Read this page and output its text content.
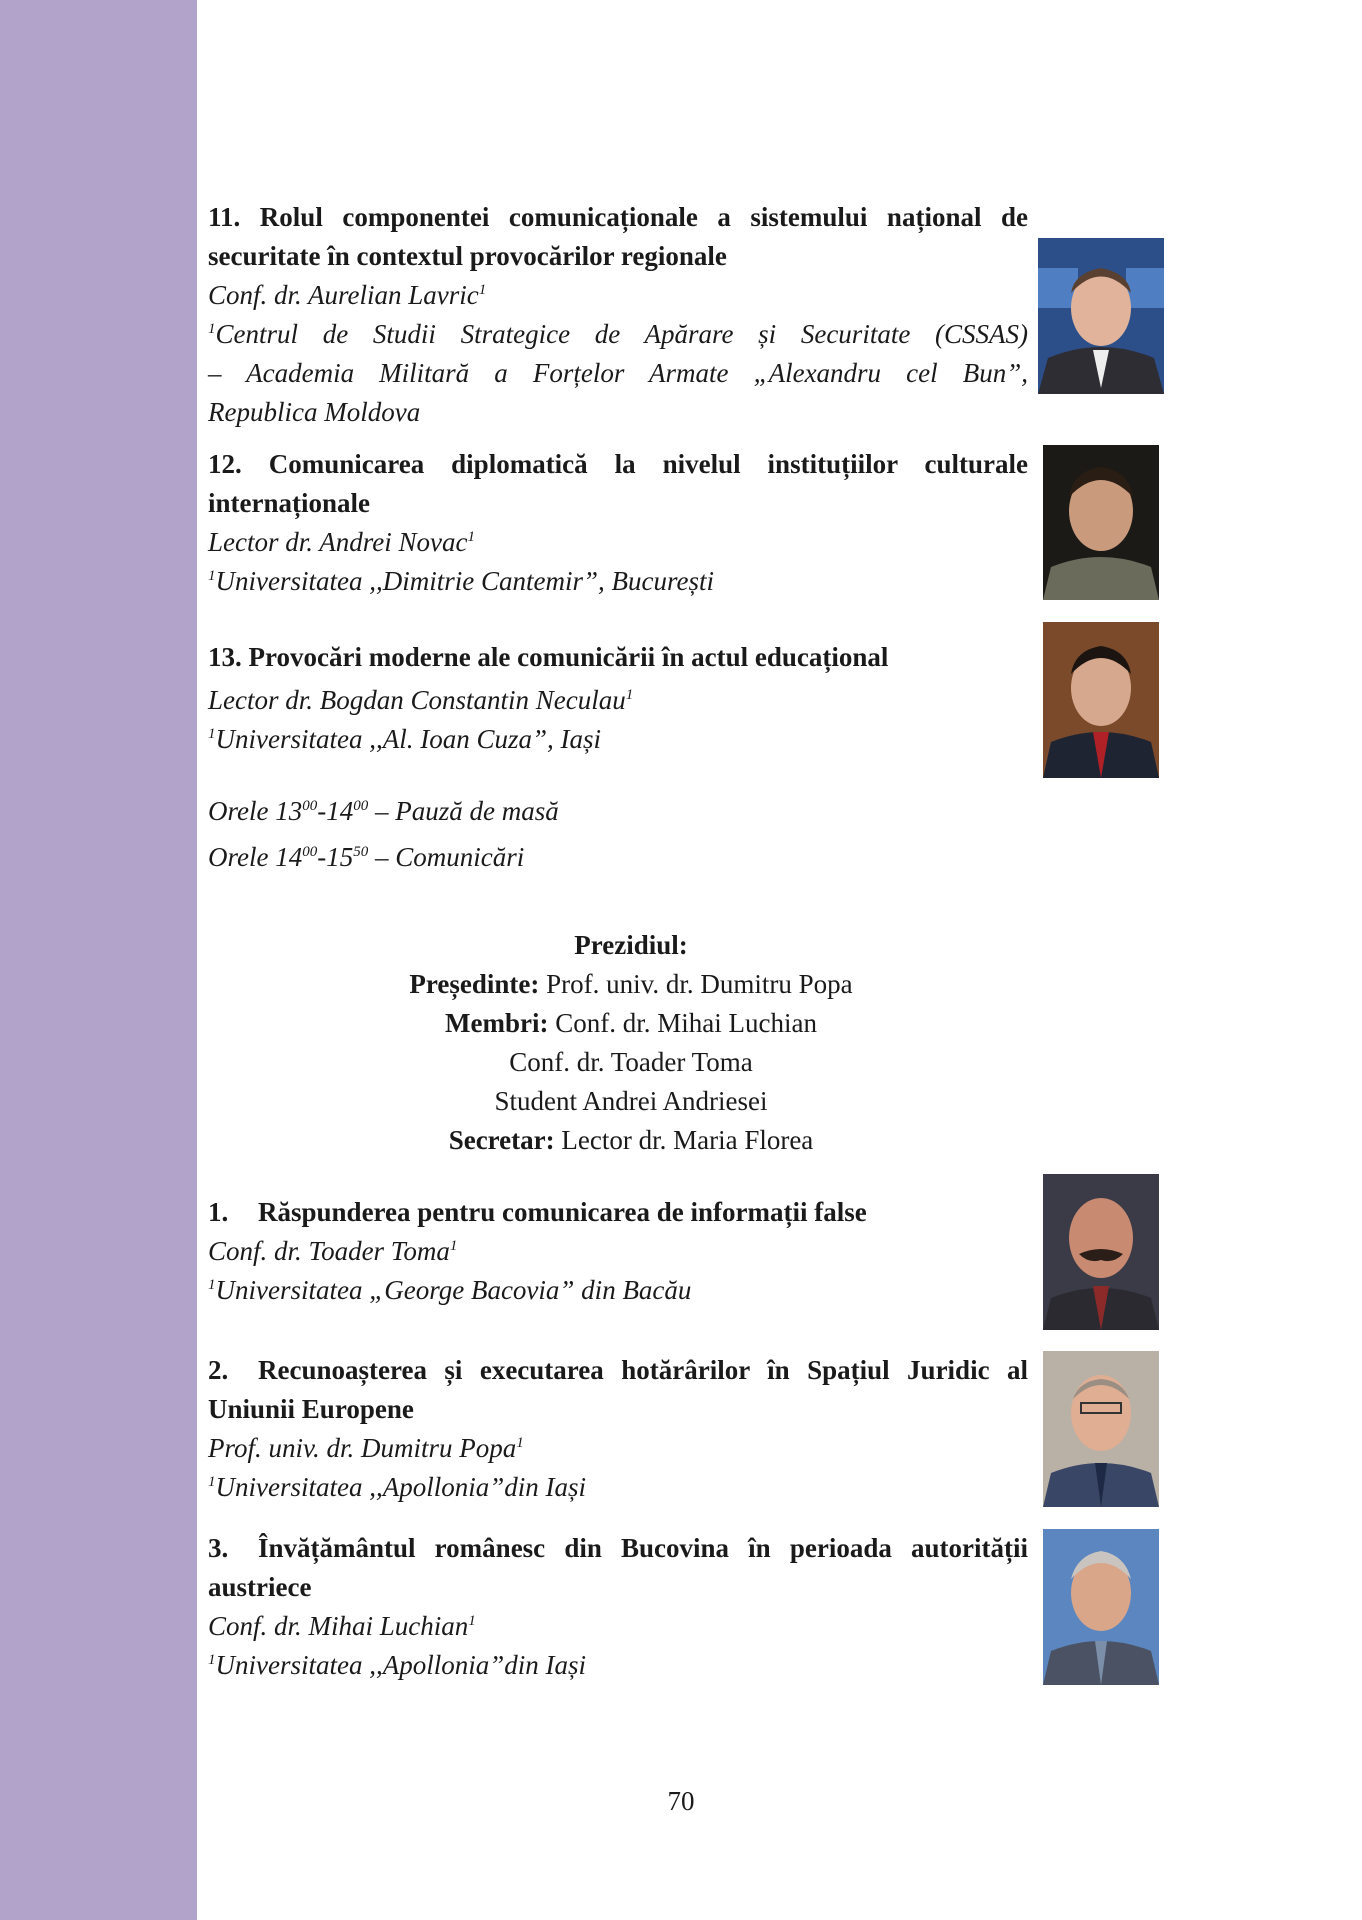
11. Rolul componentei comunicaționale a sistemului național de securitate în contextul provocărilor regionale
Conf. dr. Aurelian Lavric$^1$
$^1$Centrul de Studii Strategice de Apărare și Securitate (CSSAS)
– Academia Militară a Forțelor Armate „Alexandru cel Bun”,
Republica Moldova
12. Comunicarea diplomatică la nivelul instituțiilor culturale internaționale
Lector dr. Andrei Novac$^1$
$^1$Universitatea ,,Dimitrie Cantemir”, București
13. Provocări moderne ale comunicării în actul educațional
Lector dr. Bogdan Constantin Neculau$^1$
$^1$Universitatea ,,Al. Ioan Cuza”, Iași
Orele $13^{00}-14^{00}$ – Pauză de masă
Orele $14^{00}-15^{50}$ – Comunicări
Prezidiul:
Președinte: Prof. univ. dr. Dumitru Popa
Membri: Conf. dr. Mihai Luchian
Conf. dr. Toader Toma
Student Andrei Andriesei
Secretar: Lector dr. Maria Florea
1. Răspunderea pentru comunicarea de informații false
Conf. dr. Toader Toma$^1$
$^1$Universitatea „George Bacovia” din Bacău
2. Recunoașterea și executarea hotărârilor în Spațiul Juridic al Uniunii Europene
Prof. univ. dr. Dumitru Popa$^1$
$^1$Universitatea ,,Apollonia”din Iași
3. Învățământul românesc din Bucovina în perioada autorității austriece
Conf. dr. Mihai Luchian$^1$
$^1$Universitatea ,,Apollonia”din Iași
70
